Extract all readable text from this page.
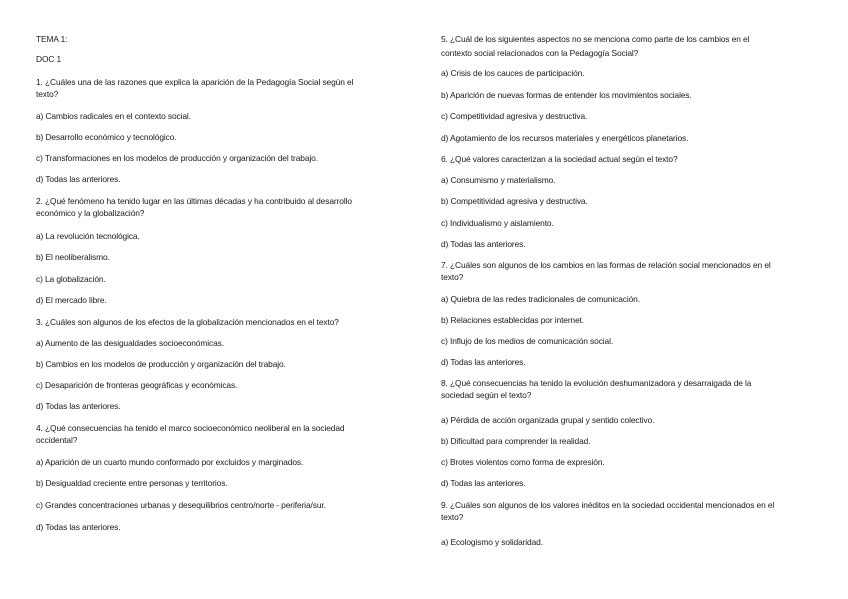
TEMA 1:
DOC 1
1. ¿Cuáles una de las razones que explica la aparición de la Pedagogía Social según el
texto?
a) Cambios radicales en el contexto social.
b) Desarrollo económico y tecnológico.
c) Transformaciones en los modelos de producción y organización del trabajo.
d) Todas las anteriores.
2. ¿Qué fenómeno ha tenido lugar en las últimas décadas y ha contribuido al desarrollo
económico y la globalización?
a) La revolución tecnológica.
b) El neoliberalismo.
c) La globalización.
d) El mercado libre.
3. ¿Cuáles son algunos de los efectos de la globalización mencionados en el texto?
a) Aumento de las desigualdades socioeconómicas.
b) Cambios en los modelos de producción y organización del trabajo.
c) Desaparición de fronteras geográficas y económicas.
d) Todas las anteriores.
4. ¿Qué consecuencias ha tenido el marco socioeconómico neoliberal en la sociedad
occidental?
a) Aparición de un cuarto mundo conformado por excluidos y marginados.
b) Desigualdad creciente entre personas y territorios.
c) Grandes concentraciones urbanas y desequilibrios centro/norte - periferia/sur.
d) Todas las anteriores.
5. ¿Cuál de los siguientes aspectos no se menciona como parte de los cambios en el
contexto social relacionados con la Pedagogía Social?
a) Crisis de los cauces de participación.
b) Aparición de nuevas formas de entender los movimientos sociales.
c) Competitividad agresiva y destructiva.
d) Agotamiento de los recursos materiales y energéticos planetarios.
6. ¿Qué valores caracterizan a la sociedad actual según el texto?
a) Consumismo y materialismo.
b) Competitividad agresiva y destructiva.
c) Individualismo y aislamiento.
d) Todas las anteriores.
7. ¿Cuáles son algunos de los cambios en las formas de relación social mencionados en el
texto?
a) Quiebra de las redes tradicionales de comunicación.
b) Relaciones establecidas por internet.
c) Influjo de los medios de comunicación social.
d) Todas las anteriores.
8. ¿Qué consecuencias ha tenido la evolución deshumanizadora y desarraigada de la
sociedad según el texto?
a) Pérdida de acción organizada grupal y sentido colectivo.
b) Dificultad para comprender la realidad.
c) Brotes violentos como forma de expresión.
d) Todas las anteriores.
9. ¿Cuáles son algunos de los valores inéditos en la sociedad occidental mencionados en el
texto?
a) Ecologismo y solidaridad.
